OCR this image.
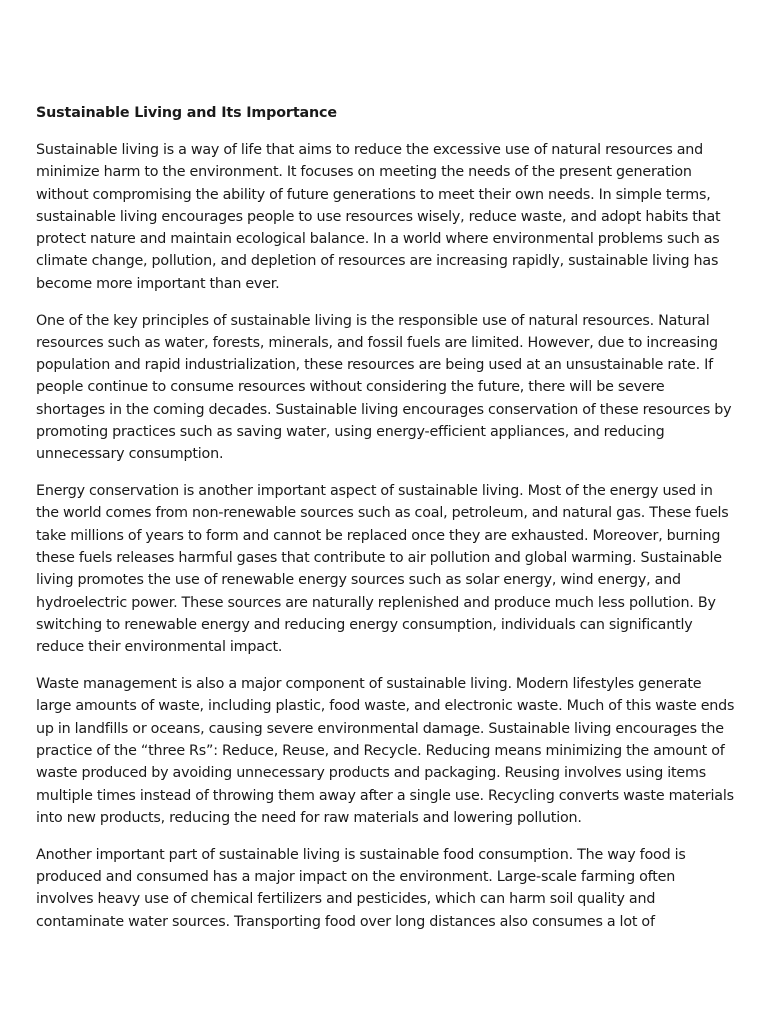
Sustainable Living and Its Importance

Sustainable living is a way of life that aims to reduce the excessive use of natural resources and minimize harm to the environment. It focuses on meeting the needs of the present generation without compromising the ability of future generations to meet their own needs. In simple terms, sustainable living encourages people to use resources wisely, reduce waste, and adopt habits that protect nature and maintain ecological balance. In a world where environmental problems such as climate change, pollution, and depletion of resources are increasing rapidly, sustainable living has become more important than ever.

One of the key principles of sustainable living is the responsible use of natural resources. Natural resources such as water, forests, minerals, and fossil fuels are limited. However, due to increasing population and rapid industrialization, these resources are being used at an unsustainable rate. If people continue to consume resources without considering the future, there will be severe shortages in the coming decades. Sustainable living encourages conservation of these resources by promoting practices such as saving water, using energy-efficient appliances, and reducing unnecessary consumption.

Energy conservation is another important aspect of sustainable living. Most of the energy used in the world comes from non-renewable sources such as coal, petroleum, and natural gas. These fuels take millions of years to form and cannot be replaced once they are exhausted. Moreover, burning these fuels releases harmful gases that contribute to air pollution and global warming. Sustainable living promotes the use of renewable energy sources such as solar energy, wind energy, and hydroelectric power. These sources are naturally replenished and produce much less pollution. By switching to renewable energy and reducing energy consumption, individuals can significantly reduce their environmental impact.

Waste management is also a major component of sustainable living. Modern lifestyles generate large amounts of waste, including plastic, food waste, and electronic waste. Much of this waste ends up in landfills or oceans, causing severe environmental damage. Sustainable living encourages the practice of the “three Rs”: Reduce, Reuse, and Recycle. Reducing means minimizing the amount of waste produced by avoiding unnecessary products and packaging. Reusing involves using items multiple times instead of throwing them away after a single use. Recycling converts waste materials into new products, reducing the need for raw materials and lowering pollution.

Another important part of sustainable living is sustainable food consumption. The way food is produced and consumed has a major impact on the environment. Large-scale farming often involves heavy use of chemical fertilizers and pesticides, which can harm soil quality and contaminate water sources. Transporting food over long distances also consumes a lot of
